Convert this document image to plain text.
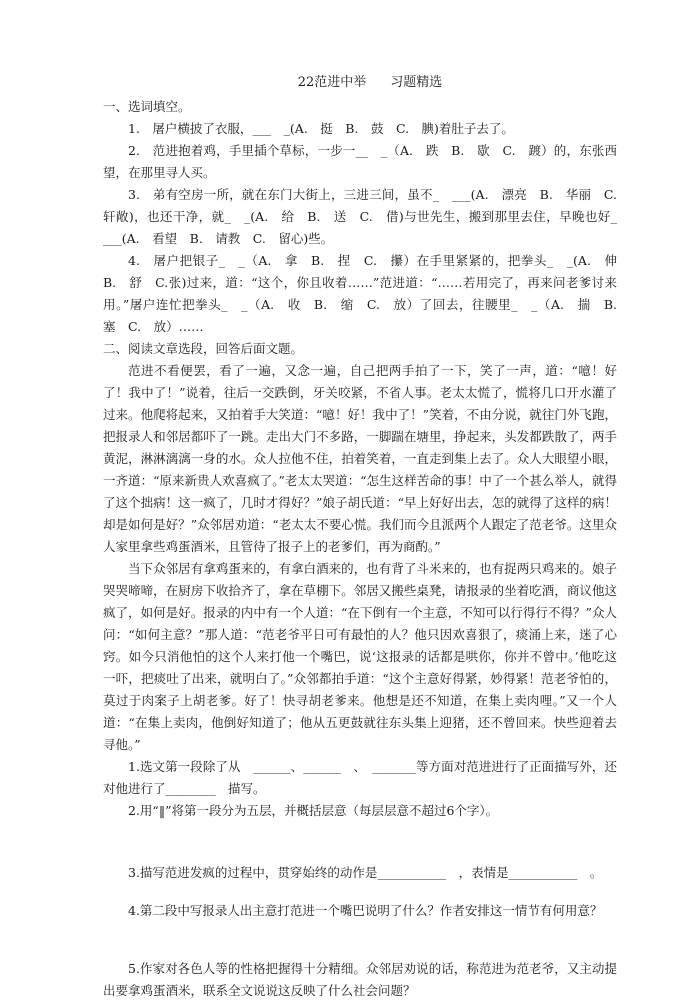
22范进中举 习题精选

一、选词填空。

1.　屠户横披了衣服，___　_(A.　挺　B.　鼓　C.　腆)着肚子去了。

2.　范进抱着鸡，手里插个草标，一步一__　_（A.　跌　B.　歇　C.　踱）的，东张西望，在那里寻人买。

3.　弟有空房一所，就在东门大街上，三进三间，虽不_　___(A.　漂亮　B.　华丽　C.　轩敞)，也还干净，就_　_(A.　给　B.　送　C.　借)与世先生，搬到那里去住，早晚也好_　___(A.　看望　B.　请教　C.　留心)些。

4.　屠户把银子_　_（A.　拿　B.　捏　C.　攥）在手里紧紧的，把拳头_　_(A.　伸　B.　舒　C.张)过来，道：“这个，你且收着……”范进道：“……若用完了，再来问老爹讨来用。”屠户连忙把拳头_　_（A.　收　B.　缩　C.　放）了回去，往腰里_　_（A.　揣　B.　塞　C.　放）……

二、阅读文章选段，回答后面文题。

范进不看便罢，看了一遍，又念一遍，自己把两手拍了一下，笑了一声，道：“噫！好了！我中了！”说着，往后一交跌倒，牙关咬紧，不省人事。老太太慌了，慌将几口开水灌了过来。他爬将起来，又拍着手大笑道：“噫！好！我中了！”笑着，不由分说，就往门外飞跑，把报录人和邻居都吓了一跳。走出大门不多路，一脚踹在塘里，挣起来，头发都跌散了，两手黄泥，淋淋漓漓一身的水。众人拉他不住，拍着笑着，一直走到集上去了。众人大眼望小眼，一齐道：“原来新贵人欢喜疯了。”老太太哭道：“怎生这样苦命的事！中了一个甚么举人，就得了这个拙病！这一疯了，几时才得好？”娘子胡氏道：“早上好好出去，怎的就得了这样的病！却是如何是好？”众邻居劝道：“老太太不要心慌。我们而今且派两个人跟定了范老爷。这里众人家里拿些鸡蛋酒米，且管待了报子上的老爹们，再为商酌。”

当下众邻居有拿鸡蛋来的，有拿白酒来的，也有背了斗米来的，也有捉两只鸡来的。娘子哭哭啼啼，在厨房下收拾齐了，拿在草棚下。邻居又搬些桌凳，请报录的坐着吃酒，商议他这疯了，如何是好。报录的内中有一个人道：“在下倒有一个主意，不知可以行得行不得？”众人问：“如何主意？”那人道：“范老爷平日可有最怕的人？他只因欢喜狠了，痰涌上来，迷了心窍。如今只消他怕的这个人来打他一个嘴巴，说‘这报录的话都是哄你，你并不曾中。’他吃这一吓，把痰吐了出来，就明白了。”众邻都拍手道：“这个主意好得紧，妙得紧！范老爷怕的，莫过于肉案子上胡老爹。好了！快寻胡老爹来。他想是还不知道，在集上卖肉哩。”又一个人道：“在集上卖肉，他倒好知道了；他从五更鼓就往东头集上迎猪，还不曾回来。快些迎着去寻他。”

1.选文第一段除了从　______、______　、　_______等方面对范进进行了正面描写外，还对他进行了________　描写。

2.用“‖”将第一段分为五层，并概括层意（每层层意不超过6个字）。

3.描写范进发疯的过程中，贯穿始终的动作是___________　，表情是___________　。

4.第二段中写报录人出主意打范进一个嘴巴说明了什么？作者安排这一情节有何用意？

5.作家对各色人等的性格把握得十分精细。众邻居劝说的话，称范进为范老爷，又主动提出要拿鸡蛋酒米，联系全文说说这反映了什么社会问题？
